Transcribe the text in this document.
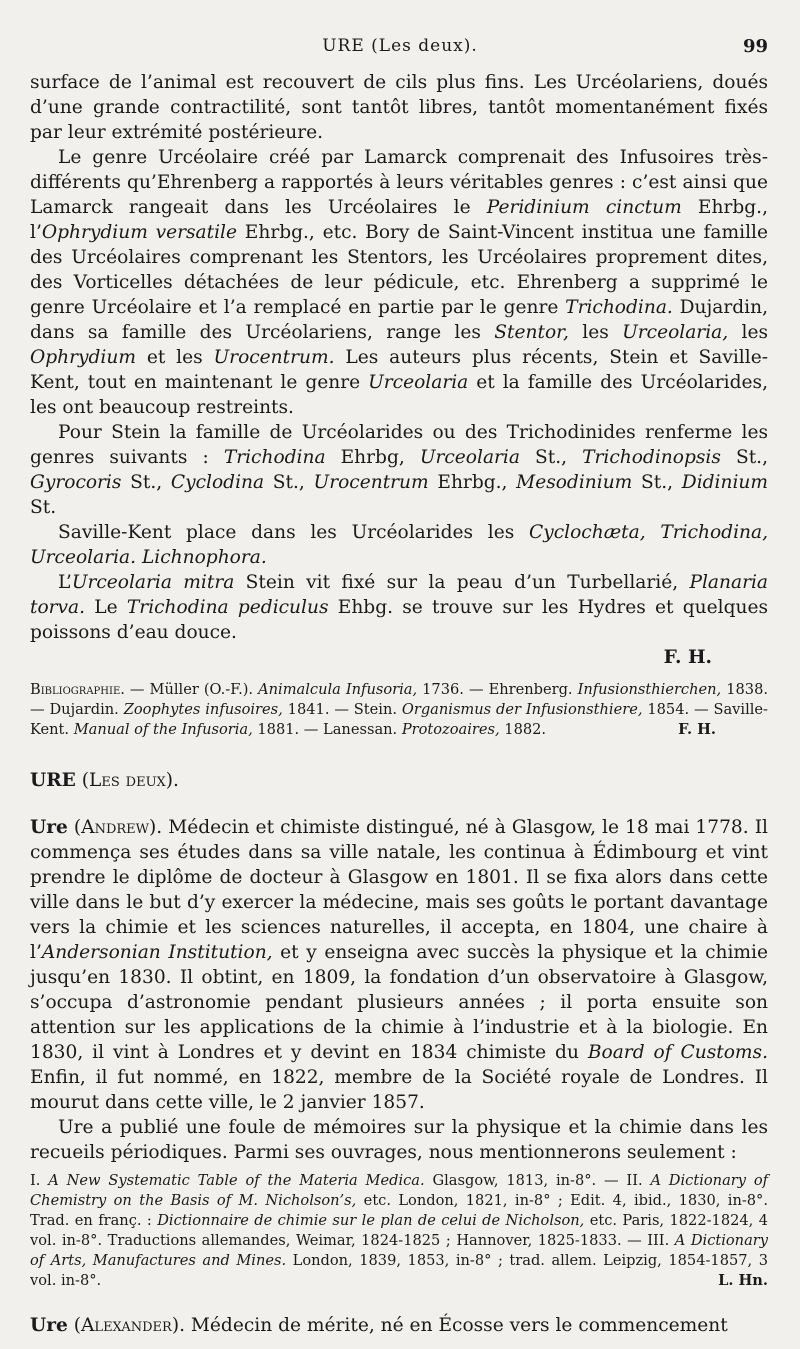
URE (Les deux).	99

surface de l’animal est recouvert de cils plus fins. Les Urcéolariens, doués d’une grande contractilité, sont tantôt libres, tantôt momentanément fixés par leur extrémité postérieure.

Le genre Urcéolaire créé par Lamarck comprenait des Infusoires très-différents qu’Ehrenberg a rapportés à leurs véritables genres : c’est ainsi que Lamarck rangeait dans les Urcéolaires le Peridinium cinctum Ehrbg., l’Ophrydium versatile Ehrbg., etc. Bory de Saint-Vincent institua une famille des Urcéolaires comprenant les Stentors, les Urcéolaires proprement dites, des Vorticelles détachées de leur pédicule, etc. Ehrenberg a supprimé le genre Urcéolaire et l’a remplacé en partie par le genre Trichodina. Dujardin, dans sa famille des Urcéolariens, range les Stentor, les Urceolaria, les Ophrydium et les Urocentrum. Les auteurs plus récents, Stein et Saville-Kent, tout en maintenant le genre Urceolaria et la famille des Urcéolarides, les ont beaucoup restreints.

Pour Stein la famille de Urcéolarides ou des Trichodinides renferme les genres suivants : Trichodina Ehrbg, Urceolaria St., Trichodinopsis St., Gyrocoris St., Cyclodina St., Urocentrum Ehrbg., Mesodinium St., Didinium St.

Saville-Kent place dans les Urcéolarides les Cyclochæta, Trichodina, Urceolaria. Lichnophora.

L’Urceolaria mitra Stein vit fixé sur la peau d’un Turbellarié, Planaria torva. Le Trichodina pediculus Ehbg. se trouve sur les Hydres et quelques poissons d’eau douce.
F. H.

Bibliographie. — Müller (O.-F.). Animalcula Infusoria, 1736. — Ehrenberg. Infusionsthierchen, 1838. — Dujardin. Zoophytes infusoires, 1841. — Stein. Organismus der Infusionsthiere, 1854. — Saville-Kent. Manual of the Infusoria, 1881. — Lanessan. Protozoaires, 1882.	F. H.

URE (Les deux).

Ure (Andrew). Médecin et chimiste distingué, né à Glasgow, le 18 mai 1778. Il commença ses études dans sa ville natale, les continua à Édimbourg et vint prendre le diplôme de docteur à Glasgow en 1801. Il se fixa alors dans cette ville dans le but d’y exercer la médecine, mais ses goûts le portant davantage vers la chimie et les sciences naturelles, il accepta, en 1804, une chaire à l’Andersonian Institution, et y enseigna avec succès la physique et la chimie jusqu’en 1830. Il obtint, en 1809, la fondation d’un observatoire à Glasgow, s’occupa d’astronomie pendant plusieurs années ; il porta ensuite son attention sur les applications de la chimie à l’industrie et à la biologie. En 1830, il vint à Londres et y devint en 1834 chimiste du Board of Customs. Enfin, il fut nommé, en 1822, membre de la Société royale de Londres. Il mourut dans cette ville, le 2 janvier 1857.

Ure a publié une foule de mémoires sur la physique et la chimie dans les recueils périodiques. Parmi ses ouvrages, nous mentionnerons seulement :

I. A New Systematic Table of the Materia Medica. Glasgow, 1813, in-8°. — II. A Dictionary of Chemistry on the Basis of M. Nicholson’s, etc. London, 1821, in-8° ; Edit. 4, ibid., 1830, in-8°. Trad. en franç. : Dictionnaire de chimie sur le plan de celui de Nicholson, etc. Paris, 1822-1824, 4 vol. in-8°. Traductions allemandes, Weimar, 1824-1825 ; Hannover, 1825-1833. — III. A Dictionary of Arts, Manufactures and Mines. London, 1839, 1853, in-8° ; trad. allem. Leipzig, 1854-1857, 3 vol. in-8°.	L. Hn.

Ure (Alexander). Médecin de mérite, né en Écosse vers le commencement
